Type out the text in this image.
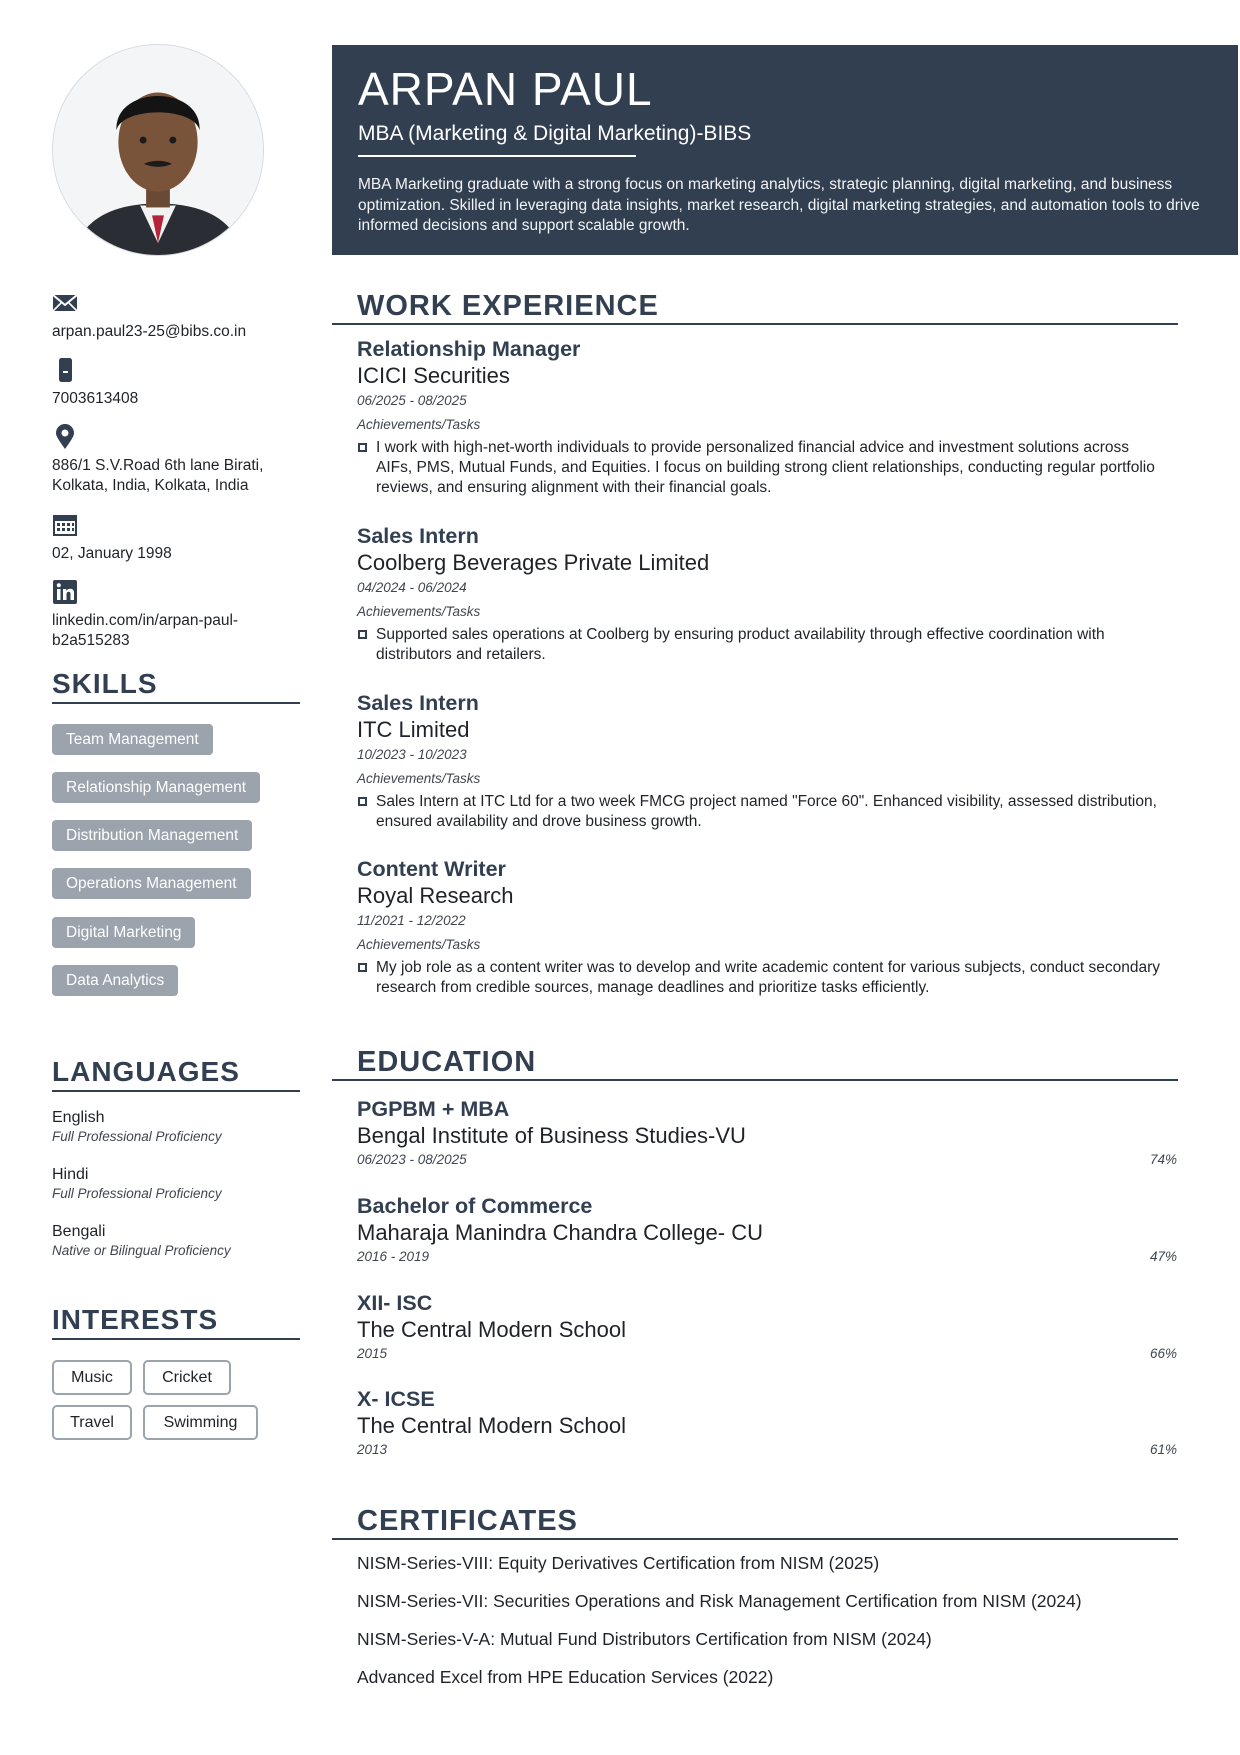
ARPAN PAUL
MBA (Marketing & Digital Marketing)-BIBS
MBA Marketing graduate with a strong focus on marketing analytics, strategic planning, digital marketing, and business optimization. Skilled in leveraging data insights, market research, digital marketing strategies, and automation tools to drive informed decisions and support scalable growth.
arpan.paul23-25@bibs.co.in
7003613408
886/1 S.V.Road 6th lane Birati, Kolkata, India, Kolkata, India
02, January 1998
linkedin.com/in/arpan-paul-b2a515283
SKILLS
Team Management
Relationship Management
Distribution Management
Operations Management
Digital Marketing
Data Analytics
LANGUAGES
English
Full Professional Proficiency
Hindi
Full Professional Proficiency
Bengali
Native or Bilingual Proficiency
INTERESTS
Music	Cricket
Travel	Swimming
WORK EXPERIENCE
Relationship Manager
ICICI Securities
06/2025 - 08/2025
Achievements/Tasks
I work with high-net-worth individuals to provide personalized financial advice and investment solutions across AIFs, PMS, Mutual Funds, and Equities. I focus on building strong client relationships, conducting regular portfolio reviews, and ensuring alignment with their financial goals.
Sales Intern
Coolberg Beverages Private Limited
04/2024 - 06/2024
Achievements/Tasks
Supported sales operations at Coolberg by ensuring product availability through effective coordination with distributors and retailers.
Sales Intern
ITC Limited
10/2023 - 10/2023
Achievements/Tasks
Sales Intern at ITC Ltd for a two week FMCG project named "Force 60". Enhanced visibility, assessed distribution, ensured availability and drove business growth.
Content Writer
Royal Research
11/2021 - 12/2022
Achievements/Tasks
My job role as a content writer was to develop and write academic content for various subjects, conduct secondary research from credible sources, manage deadlines and prioritize tasks efficiently.
EDUCATION
PGPBM + MBA
Bengal Institute of Business Studies-VU
06/2023 - 08/2025	74%
Bachelor of Commerce
Maharaja Manindra Chandra College- CU
2016 - 2019	47%
XII- ISC
The Central Modern School
2015	66%
X- ICSE
The Central Modern School
2013	61%
CERTIFICATES
NISM-Series-VIII: Equity Derivatives Certification from NISM (2025)
NISM-Series-VII: Securities Operations and Risk Management Certification from NISM (2024)
NISM-Series-V-A: Mutual Fund Distributors Certification from NISM (2024)
Advanced Excel from HPE Education Services (2022)
